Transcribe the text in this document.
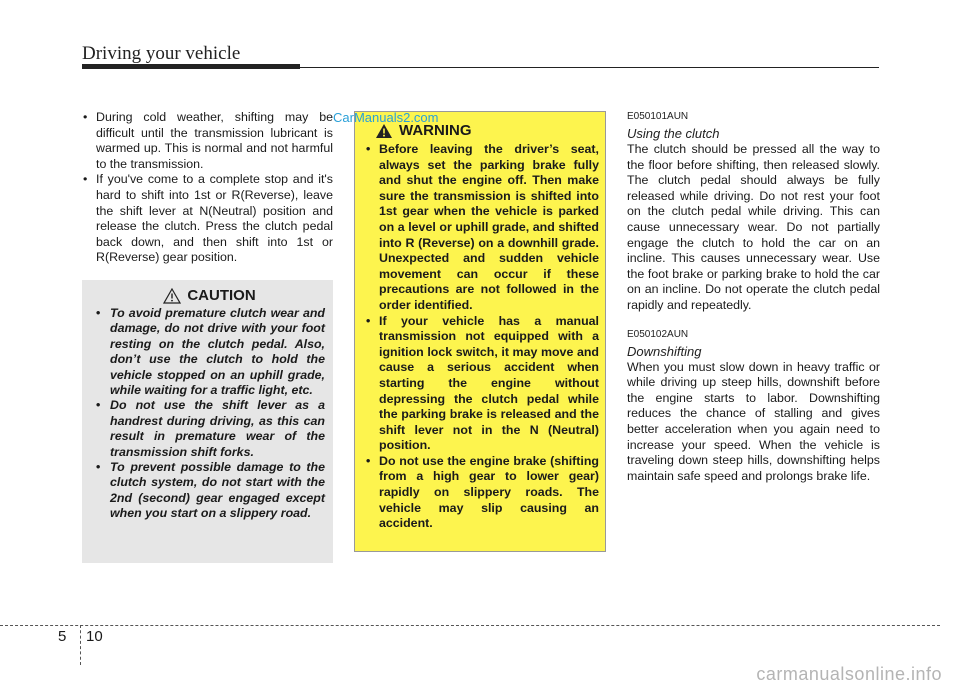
Driving your vehicle
• During cold weather, shifting may be difficult until the transmission lubricant is warmed up. This is normal and not harmful to the transmission.
• If you've come to a complete stop and it's hard to shift into 1st or R(Reverse), leave the shift lever at N(Neutral) position and release the clutch. Press the clutch pedal back down, and then shift into 1st or R(Reverse) gear position.
CAUTION
• To avoid premature clutch wear and damage, do not drive with your foot resting on the clutch pedal. Also, don’t use the clutch to hold the vehicle stopped on an uphill grade, while waiting for a traffic light, etc.
• Do not use the shift lever as a handrest during driving, as this can result in premature wear of the transmission shift forks.
• To prevent possible damage to the clutch system, do not start with the 2nd (second) gear engaged except when you start on a slippery road.
WARNING
• Before leaving the driver’s seat, always set the parking brake fully and shut the engine off. Then make sure the transmission is shifted into 1st gear when the vehicle is parked on a level or uphill grade, and shifted into R (Reverse) on a downhill grade. Unexpected and sudden vehicle movement can occur if these precautions are not followed in the order identified.
• If your vehicle has a manual transmission not equipped with a ignition lock switch, it may move and cause a serious accident when starting the engine without depressing the clutch pedal while the parking brake is released and the shift lever not in the N (Neutral) position.
• Do not use the engine brake (shifting from a high gear to lower gear) rapidly on slippery roads. The vehicle may slip causing an accident.
CarManuals2.com	E050101AUN
Using the clutch

The clutch should be pressed all the way to the floor before shifting, then released slowly. The clutch pedal should always be fully released while driving. Do not rest your foot on the clutch pedal while driving. This can cause unnecessary wear. Do not partially engage the clutch to hold the car on an incline. This causes unnecessary wear. Use the foot brake or parking brake to hold the car on an incline. Do not operate the clutch pedal rapidly and repeatedly.

E050102AUN
Downshifting

When you must slow down in heavy traffic or while driving up steep hills, downshift before the engine starts to labor. Downshifting reduces the chance of stalling and gives better acceleration when you again need to increase your speed. When the vehicle is traveling down steep hills, downshifting helps maintain safe speed and prolongs brake life.

5 10
carmanualsonline.info
